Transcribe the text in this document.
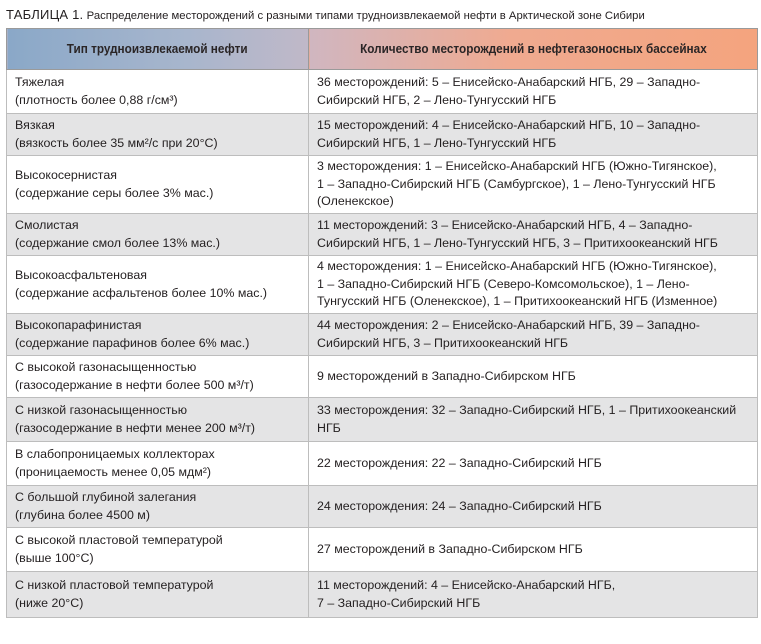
ТАБЛИЦА 1. Распределение месторождений с разными типами трудноизвлекаемой нефти в Арктической зоне Сибири
Тип трудноизвлекаемой нефти	Количество месторождений в нефтегазоносных бассейнах

Тяжелая
(плотность более 0,88 г/см³)	36 месторождений: 5 – Енисейско-Анабарский НГБ, 29 – Западно-
Сибирский НГБ, 2 – Лено-Тунгусский НГБ

Вязкая
(вязкость более 35 мм²/с при 20°С)	15 месторождений: 4 – Енисейско-Анабарский НГБ, 10 – Западно-
Сибирский НГБ, 1 – Лено-Тунгусский НГБ

Высокосернистая
(содержание серы более 3% мас.)	3 месторождения: 1 – Енисейско-Анабарский НГБ (Южно-Тигянское),
1 – Западно-Сибирский НГБ (Самбургское), 1 – Лено-Тунгусский НГБ
(Оленекское)

Смолистая
(содержание смол более 13% мас.)	11 месторождений: 3 – Енисейско-Анабарский НГБ, 4 – Западно-
Сибирский НГБ, 1 – Лено-Тунгусский НГБ, 3 – Притихоокеанский НГБ

Высокоасфальтеновая
(содержание асфальтенов более 10% мас.)	4 месторождения: 1 – Енисейско-Анабарский НГБ (Южно-Тигянское),
1 – Западно-Сибирский НГБ (Северо-Комсомольское), 1 – Лено-
Тунгусский НГБ (Оленекское), 1 – Притихоокеанский НГБ (Изменное)

Высокопарафинистая
(содержание парафинов более 6% мас.)	44 месторождения: 2 – Енисейско-Анабарский НГБ, 39 – Западно-
Сибирский НГБ, 3 – Притихоокеанский НГБ

С высокой газонасыщенностью
(газосодержание в нефти более 500 м³/т)	9 месторождений в Западно-Сибирском НГБ

С низкой газонасыщенностью
(газосодержание в нефти менее 200 м³/т)	33 месторождения: 32 – Западно-Сибирский НГБ, 1 – Притихоокеанский
НГБ

В слабопроницаемых коллекторах
(проницаемость менее 0,05 мдм²)	22 месторождения: 22 – Западно-Сибирский НГБ

С большой глубиной залегания
(глубина более 4500 м)	24 месторождения: 24 – Западно-Сибирский НГБ

С высокой пластовой температурой
(выше 100°С)	27 месторождений в Западно-Сибирском НГБ

С низкой пластовой температурой
(ниже 20°С)	11 месторождений: 4 – Енисейско-Анабарский НГБ,
7 – Западно-Сибирский НГБ
